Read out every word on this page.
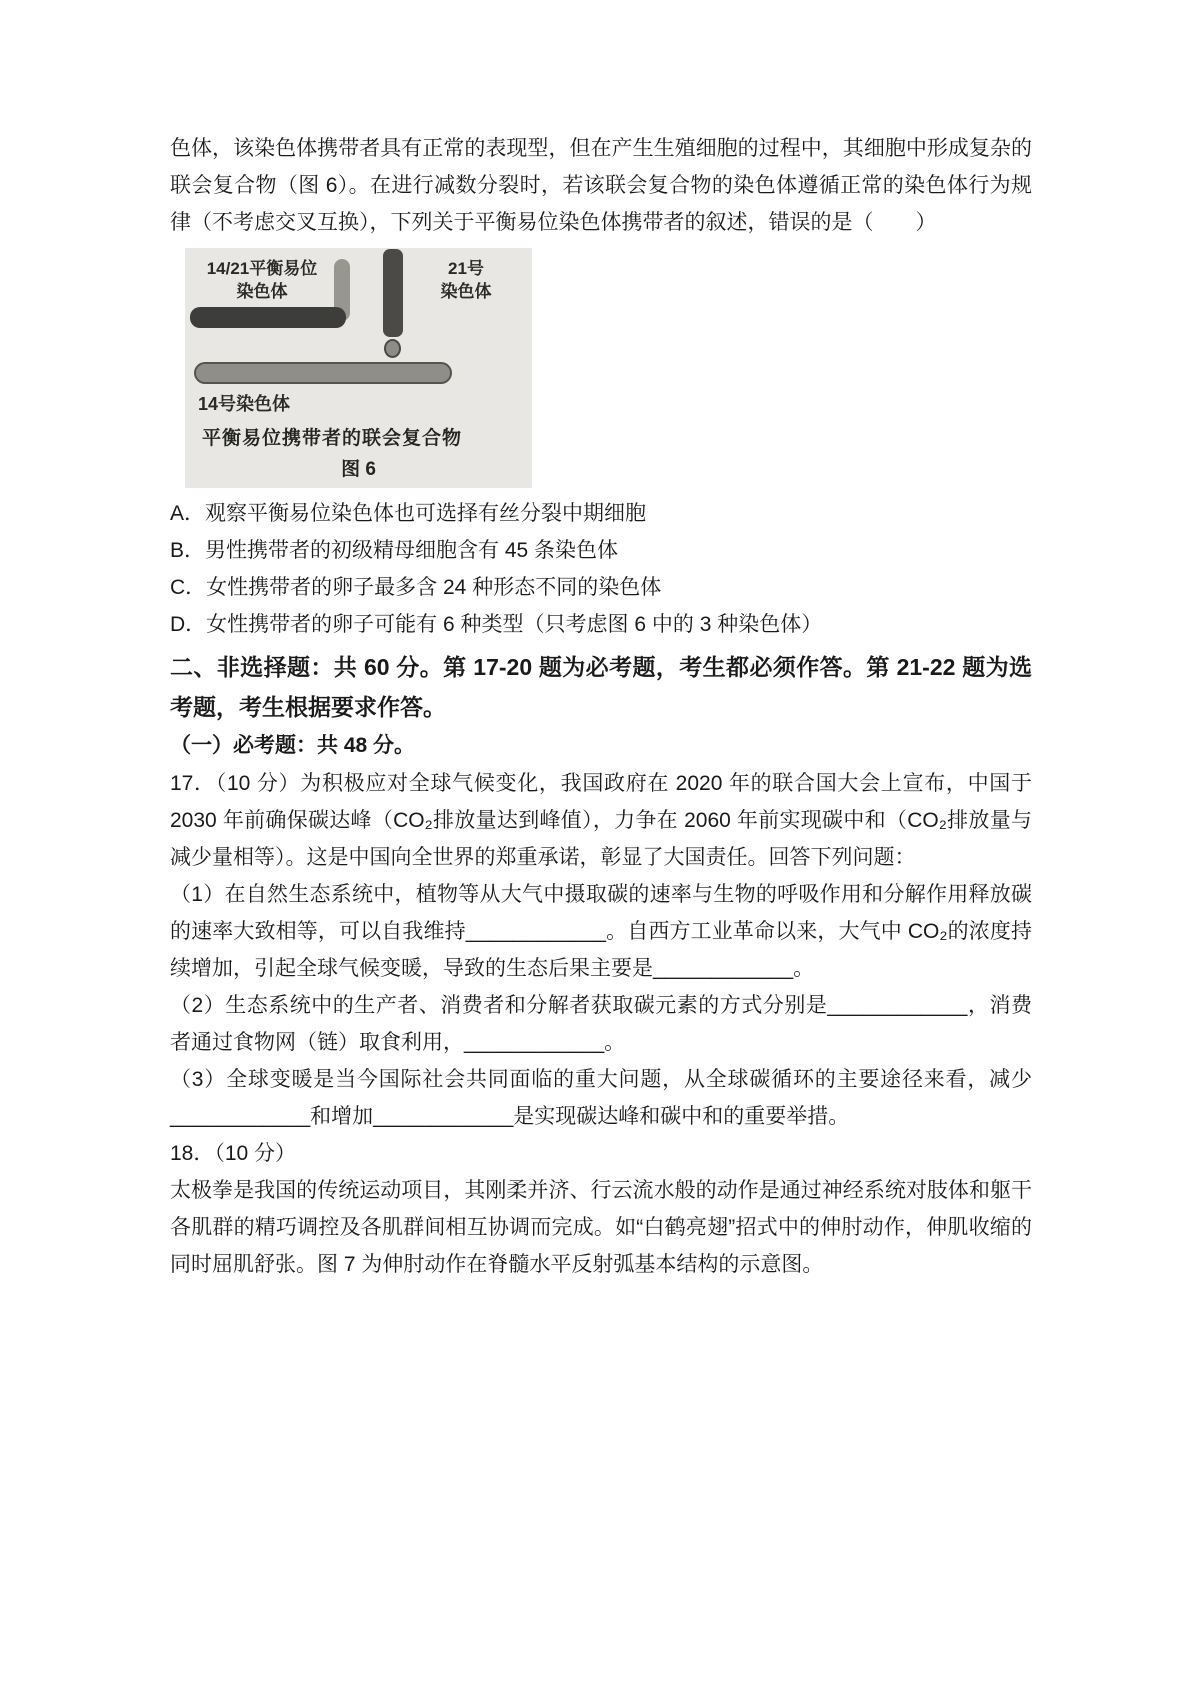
色体，该染色体携带者具有正常的表现型，但在产生生殖细胞的过程中，其细胞中形成复杂的联会复合物（图 6）。在进行减数分裂时，若该联会复合物的染色体遵循正常的染色体行为规律（不考虑交叉互换），下列关于平衡易位染色体携带者的叙述，错误的是（　　）

14/21平衡易位
染色体
21号
染色体
14号染色体
平衡易位携带者的联会复合物
图 6

A．观察平衡易位染色体也可选择有丝分裂中期细胞

B．男性携带者的初级精母细胞含有 45 条染色体

C．女性携带者的卵子最多含 24 种形态不同的染色体

D．女性携带者的卵子可能有 6 种类型（只考虑图 6 中的 3 种染色体）

二、非选择题：共 60 分。第 17-20 题为必考题，考生都必须作答。第 21-22 题为选考题，考生根据要求作答。

（一）必考题：共 48 分。

17．（10 分）为积极应对全球气候变化，我国政府在 2020 年的联合国大会上宣布，中国于 2030 年前确保碳达峰（CO₂排放量达到峰值），力争在 2060 年前实现碳中和（CO₂排放量与减少量相等）。这是中国向全世界的郑重承诺，彰显了大国责任。回答下列问题：

（1）在自然生态系统中，植物等从大气中摄取碳的速率与生物的呼吸作用和分解作用释放碳的速率大致相等，可以自我维持____________。自西方工业革命以来，大气中 CO₂的浓度持续增加，引起全球气候变暖，导致的生态后果主要是____________。

（2）生态系统中的生产者、消费者和分解者获取碳元素的方式分别是____________，消费者通过食物网（链）取食利用，____________。

（3）全球变暖是当今国际社会共同面临的重大问题，从全球碳循环的主要途径来看，减少____________和增加____________是实现碳达峰和碳中和的重要举措。

18．（10 分）

太极拳是我国的传统运动项目，其刚柔并济、行云流水般的动作是通过神经系统对肢体和躯干各肌群的精巧调控及各肌群间相互协调而完成。如“白鹤亮翅”招式中的伸肘动作，伸肌收缩的同时屈肌舒张。图 7 为伸肘动作在脊髓水平反射弧基本结构的示意图。
